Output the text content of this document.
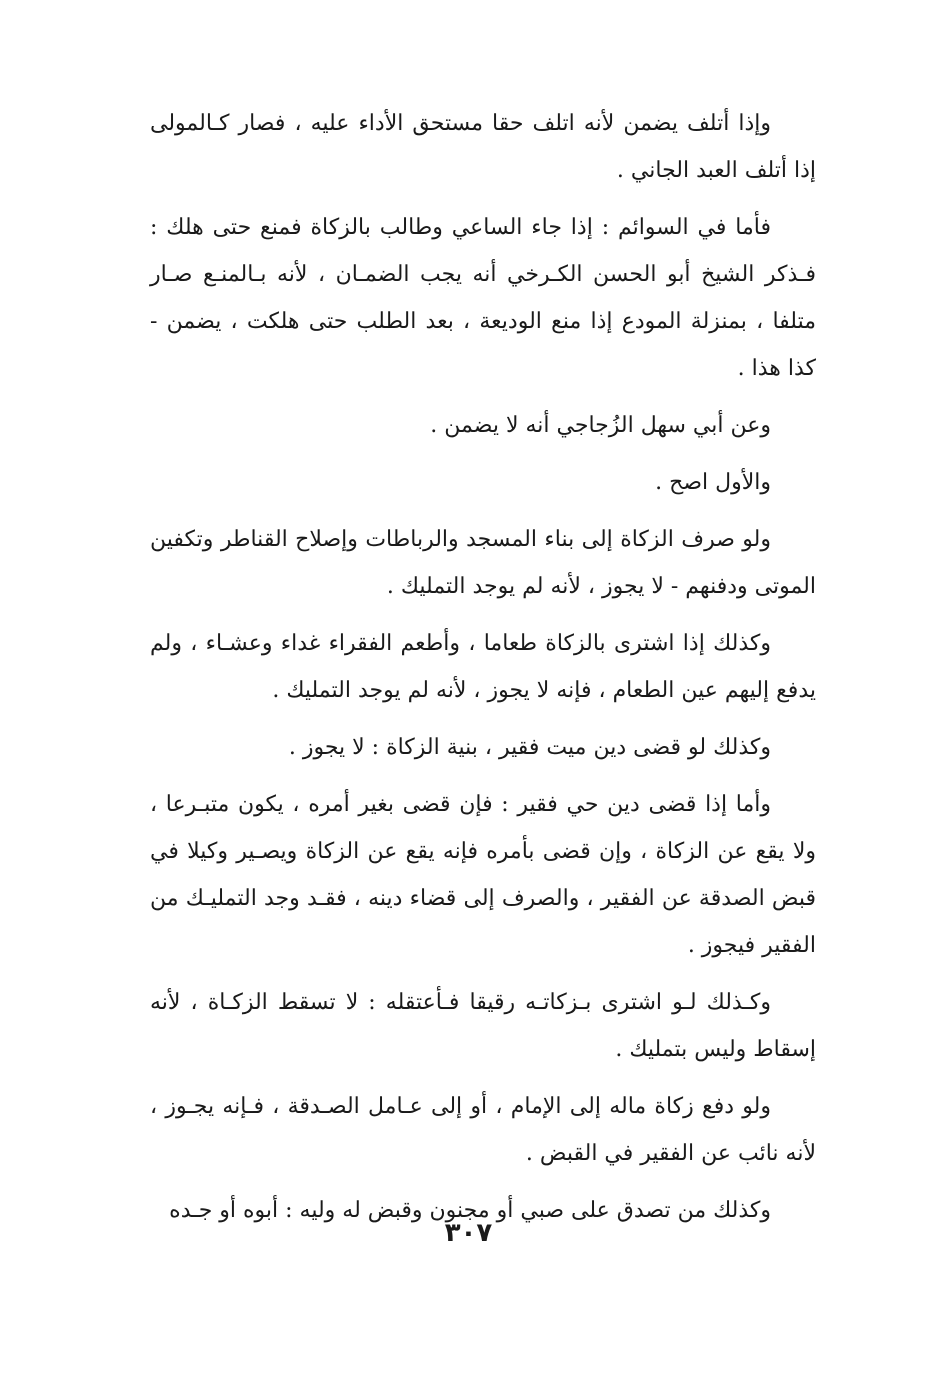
وإذا أتلف يضمن لأنه اتلف حقا مستحق الأداء عليه ، فصار كـالمولى إذا أتلف العبد الجاني .

فأما في السوائم : إذا جاء الساعي وطالب بالزكاة فمنع حتى هلك : فـذكر الشيخ أبو الحسن الكـرخي أنه يجب الضمـان ، لأنه بـالمنـع صـار متلفا ، بمنزلة المودع إذا منع الوديعة ، بعد الطلب حتى هلكت ، يضمن - كذا هذا .

وعن أبي سهل الزُجاجي أنه لا يضمن .

والأول اصح .

ولو صرف الزكاة إلى بناء المسجد والرباطات وإصلاح القناطر وتكفين الموتى ودفنهم - لا يجوز ، لأنه لم يوجد التمليك .

وكذلك إذا اشترى بالزكاة طعاما ، وأطعم الفقراء غداء وعشـاء ، ولم يدفع إليهم عين الطعام ، فإنه لا يجوز ، لأنه لم يوجد التمليك .

وكذلك لو قضى دين ميت فقير ، بنية الزكاة : لا يجوز .

وأما إذا قضى دين حي فقير : فإن قضى بغير أمره ، يكون متبـرعا ، ولا يقع عن الزكاة ، وإن قضى بأمره فإنه يقع عن الزكاة ويصـير وكيلا في قبض الصدقة عن الفقير ، والصرف إلى قضاء دينه ، فقـد وجد التمليـك من الفقير فيجوز .

وكـذلك لـو اشترى بـزكاتـه رقيقا فـأعتقله : لا تسقط الزكـاة ، لأنه إسقاط وليس بتمليك .

ولو دفع زكاة ماله إلى الإمام ، أو إلى عـامل الصـدقة ، فـإنه يجـوز ، لأنه نائب عن الفقير في القبض .

وكذلك من تصدق على صبي أو مجنون وقبض له وليه : أبوه أو جـده

٣٠٧
